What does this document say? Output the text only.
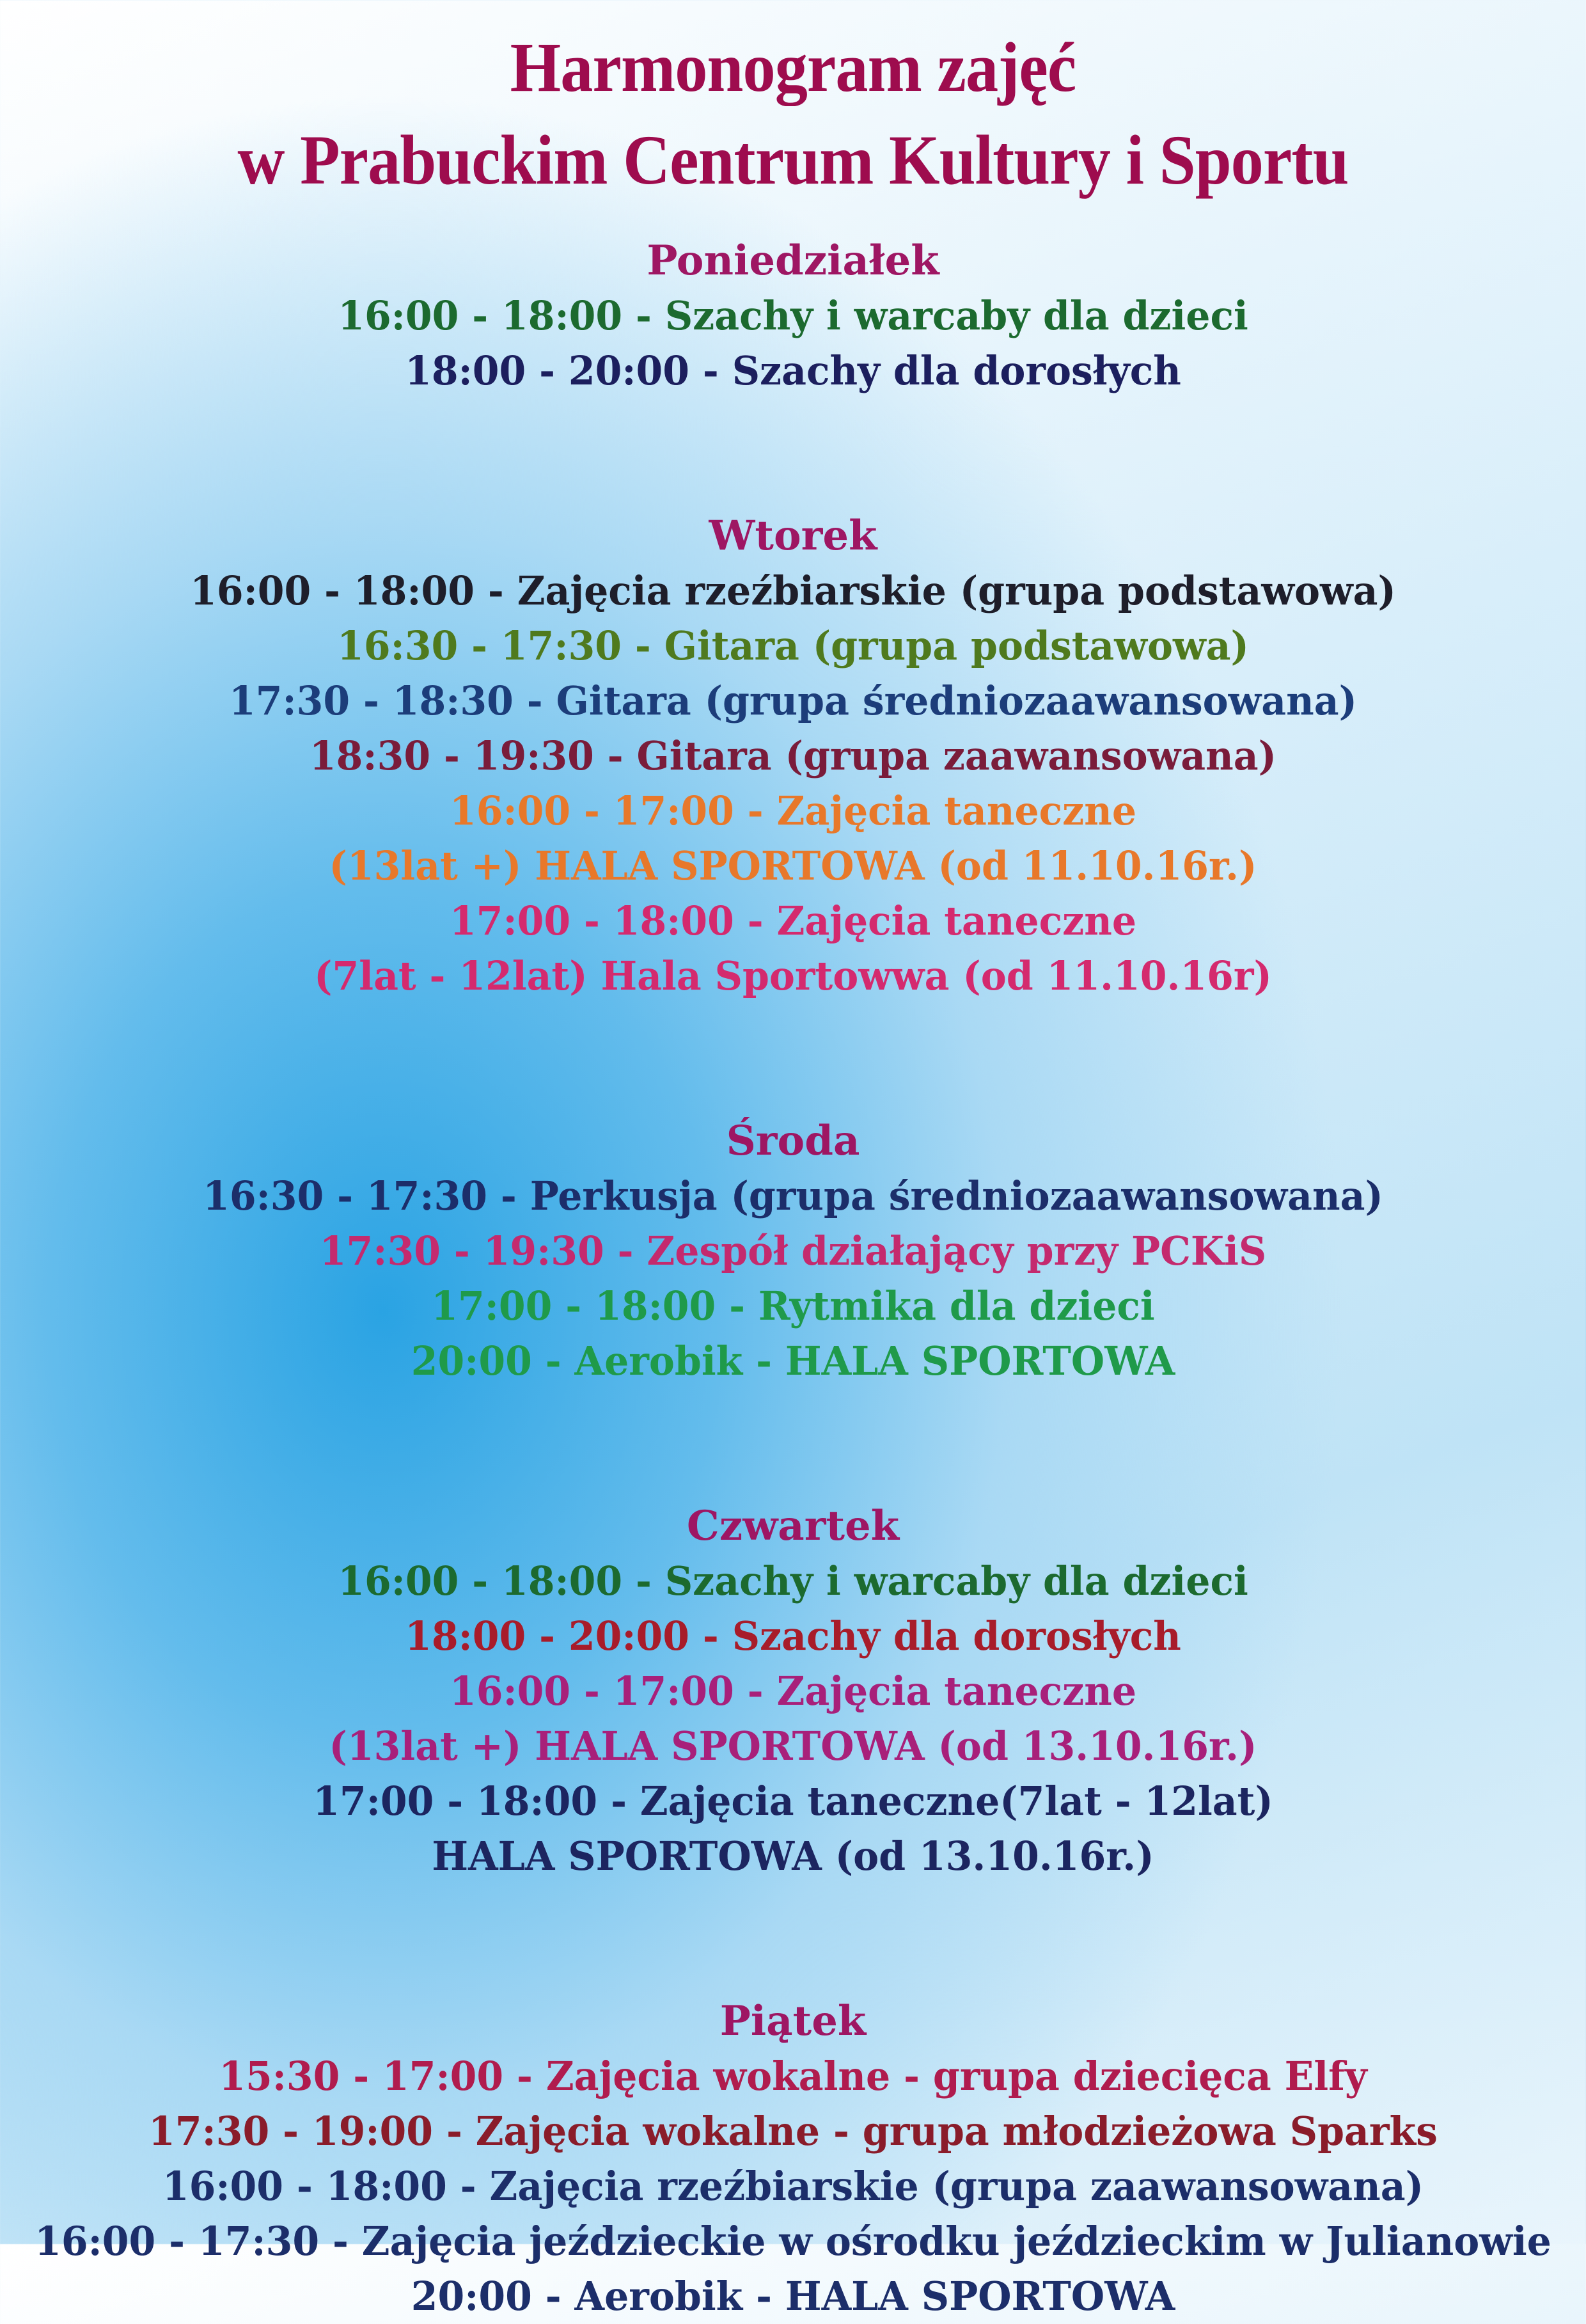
Harmonogram zajęć
w Prabuckim Centrum Kultury i Sportu
Poniedziałek
16:00 - 18:00 - Szachy i warcaby dla dzieci
18:00 - 20:00 - Szachy dla dorosłych
Wtorek
16:00 - 18:00 - Zajęcia rzeźbiarskie (grupa podstawowa)
16:30 - 17:30 - Gitara (grupa podstawowa)
17:30 - 18:30 - Gitara (grupa średniozaawansowana)
18:30 - 19:30 - Gitara (grupa zaawansowana)
16:00 - 17:00 - Zajęcia taneczne
(13lat +) HALA SPORTOWA (od 11.10.16r.)
17:00 - 18:00 - Zajęcia taneczne
(7lat - 12lat) Hala Sportowwa (od 11.10.16r)
Środa
16:30 - 17:30 - Perkusja (grupa średniozaawansowana)
17:30 - 19:30 - Zespół działający przy PCKiS
17:00 - 18:00 - Rytmika dla dzieci
20:00 - Aerobik - HALA SPORTOWA
Czwartek
16:00 - 18:00 - Szachy i warcaby dla dzieci
18:00 - 20:00 - Szachy dla dorosłych
16:00 - 17:00 - Zajęcia taneczne
(13lat +) HALA SPORTOWA (od 13.10.16r.)
17:00 - 18:00 - Zajęcia taneczne(7lat - 12lat)
HALA SPORTOWA (od 13.10.16r.)
Piątek
15:30 - 17:00 - Zajęcia wokalne - grupa dziecięca Elfy
17:30 - 19:00 - Zajęcia wokalne - grupa młodzieżowa Sparks
16:00 - 18:00 - Zajęcia rzeźbiarskie (grupa zaawansowana)
16:00 - 17:30 - Zajęcia jeździeckie w ośrodku jeździeckim w Julianowie
20:00 - Aerobik - HALA SPORTOWA
